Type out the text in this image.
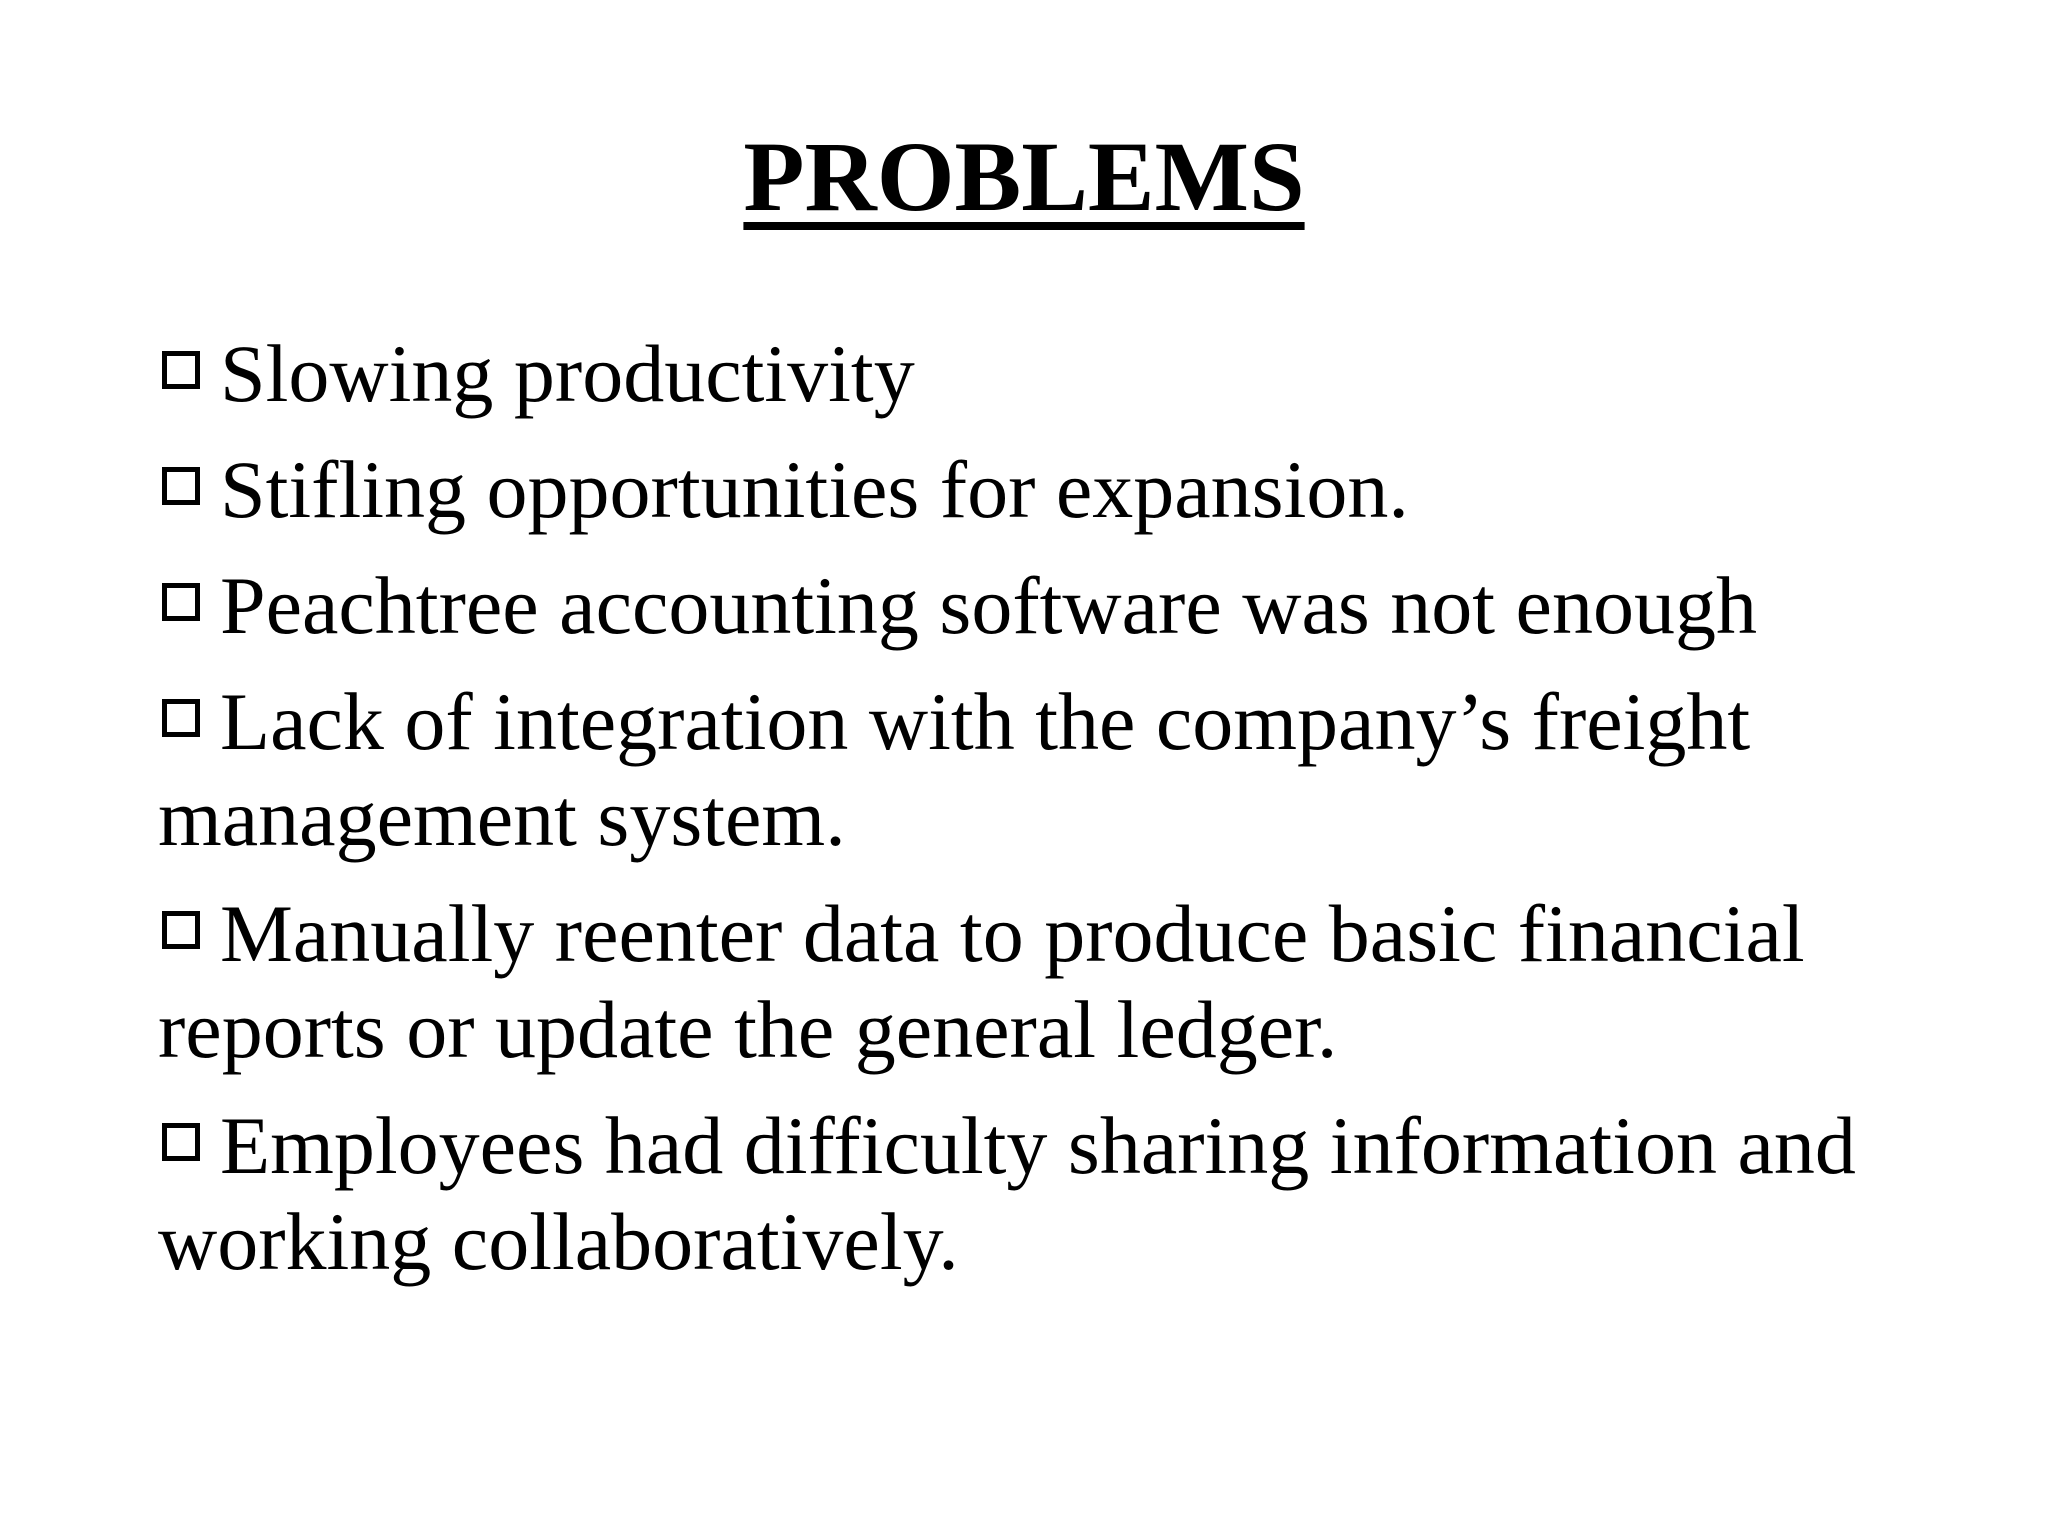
PROBLEMS
Slowing productivity
Stifling opportunities for expansion.
Peachtree accounting software was not enough
Lack of integration with the company’s freight management system.
Manually reenter data to produce basic financial reports or update the general ledger.
Employees had difficulty sharing information and working collaboratively.
